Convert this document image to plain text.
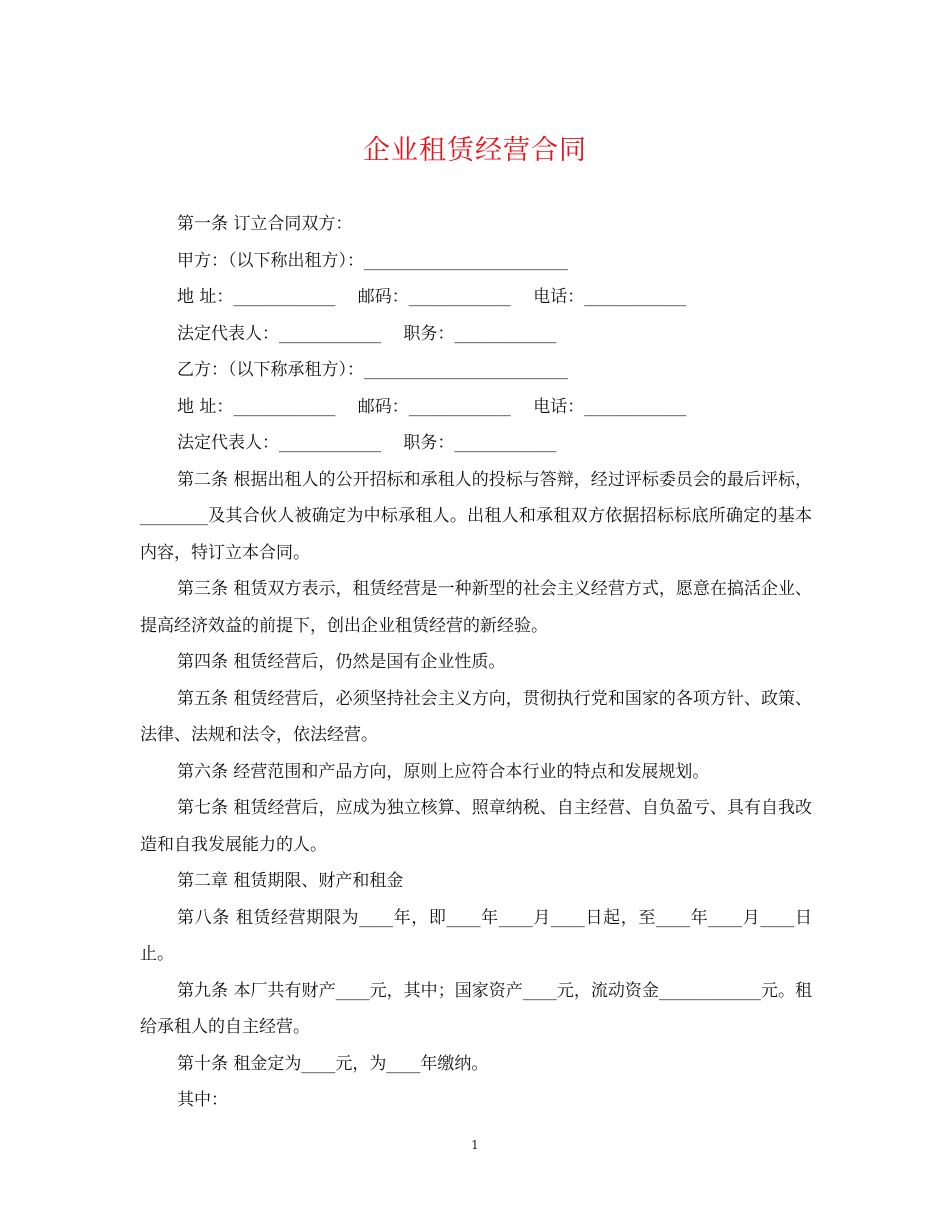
企业租赁经营合同

第一条 订立合同双方：

甲方：（以下称出租方）：________________________

地 址：____________　 邮码：____________　 电话：____________

法定代表人：____________　 职务：____________

乙方：（以下称承租方）：________________________

地 址：____________　 邮码：____________　 电话：____________

法定代表人：____________　 职务：____________

第二条 根据出租人的公开招标和承租人的投标与答辩，经过评标委员会的最后评标，________及其合伙人被确定为中标承租人。出租人和承租双方依据招标标底所确定的基本内容，特订立本合同。

第三条 租赁双方表示，租赁经营是一种新型的社会主义经营方式，愿意在搞活企业、提高经济效益的前提下，创出企业租赁经营的新经验。

第四条 租赁经营后，仍然是国有企业性质。

第五条 租赁经营后，必须坚持社会主义方向，贯彻执行党和国家的各项方针、政策、法律、法规和法令，依法经营。

第六条 经营范围和产品方向，原则上应符合本行业的特点和发展规划。

第七条 租赁经营后，应成为独立核算、照章纳税、自主经营、自负盈亏、具有自我改造和自我发展能力的人。

第二章 租赁期限、财产和租金

第八条 租赁经营期限为____年，即____年____月____日起，至____年____月____日止。

第九条 本厂共有财产____元，其中；国家资产____元，流动资金____________元。租给承租人的自主经营。

第十条 租金定为____元，为____年缴纳。

其中：

1
